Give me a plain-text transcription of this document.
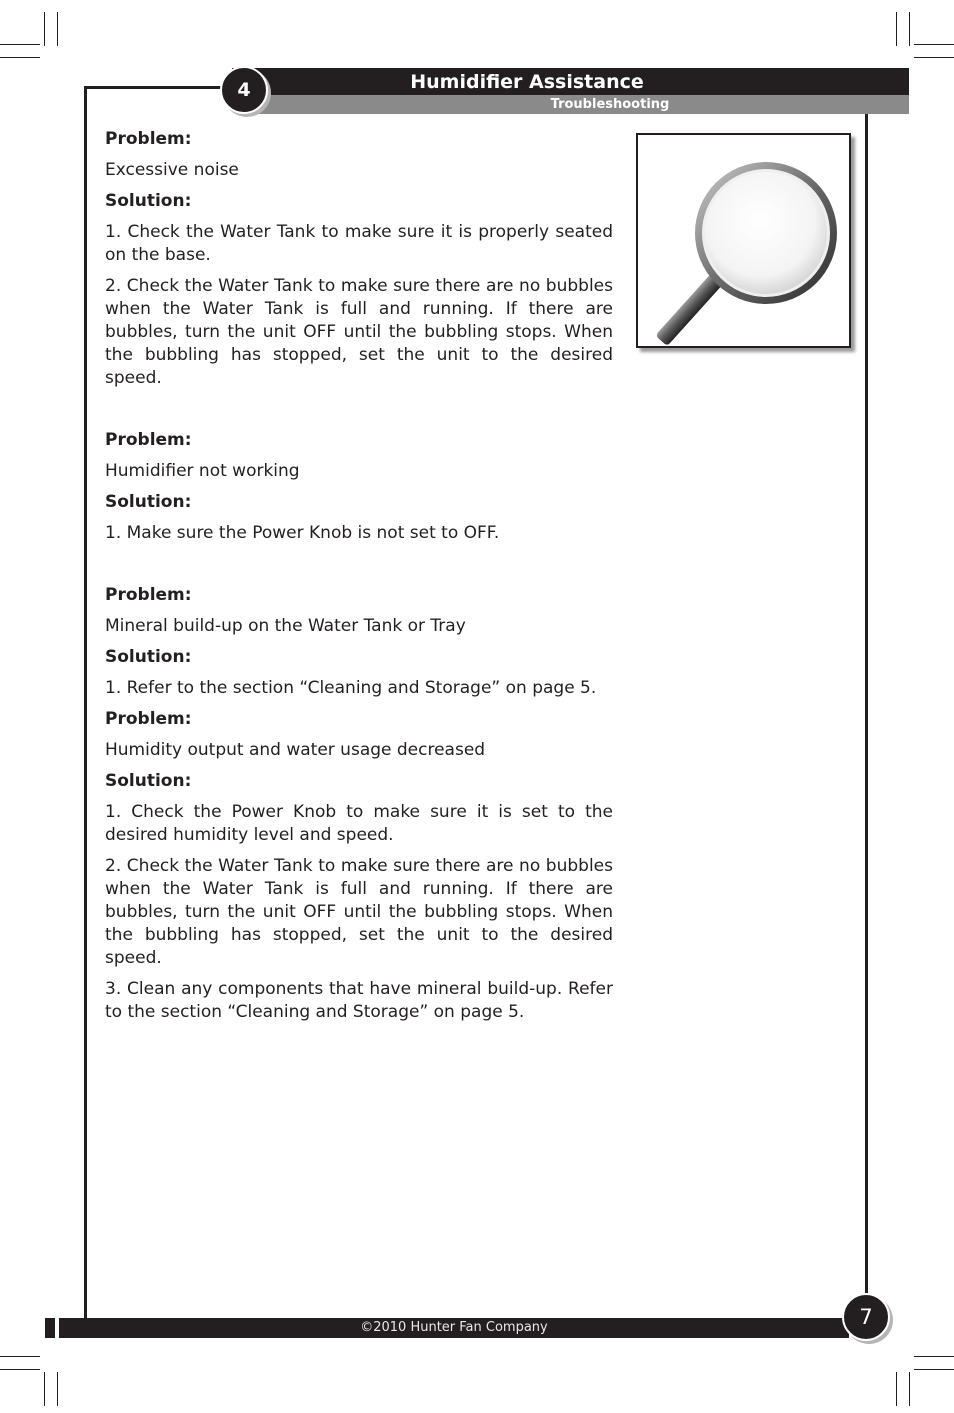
Humidifier Assistance
Troubleshooting
4
Problem:
Excessive noise
Solution:
1. Check the Water Tank to make sure it is properly seated on the base.
2. Check the Water Tank to make sure there are no bubbles when the Water Tank is full and running. If there are bubbles, turn the unit OFF until the bubbling stops. When the bubbling has stopped, set the unit to the desired speed.
Problem:
Humidifier not working
Solution:
1. Make sure the Power Knob is not set to OFF.
Problem:
Mineral build-up on the Water Tank or Tray
Solution:
1. Refer to the section “Cleaning and Storage” on page 5.
Problem:
Humidity output and water usage decreased
Solution:
1. Check the Power Knob to make sure it is set to the desired humidity level and speed.
2. Check the Water Tank to make sure there are no bubbles when the Water Tank is full and running. If there are bubbles, turn the unit OFF until the bubbling stops. When the bubbling has stopped, set the unit to the desired speed.
3. Clean any components that have mineral build-up. Refer to the section “Cleaning and Storage” on page 5.
©2010 Hunter Fan Company	7
